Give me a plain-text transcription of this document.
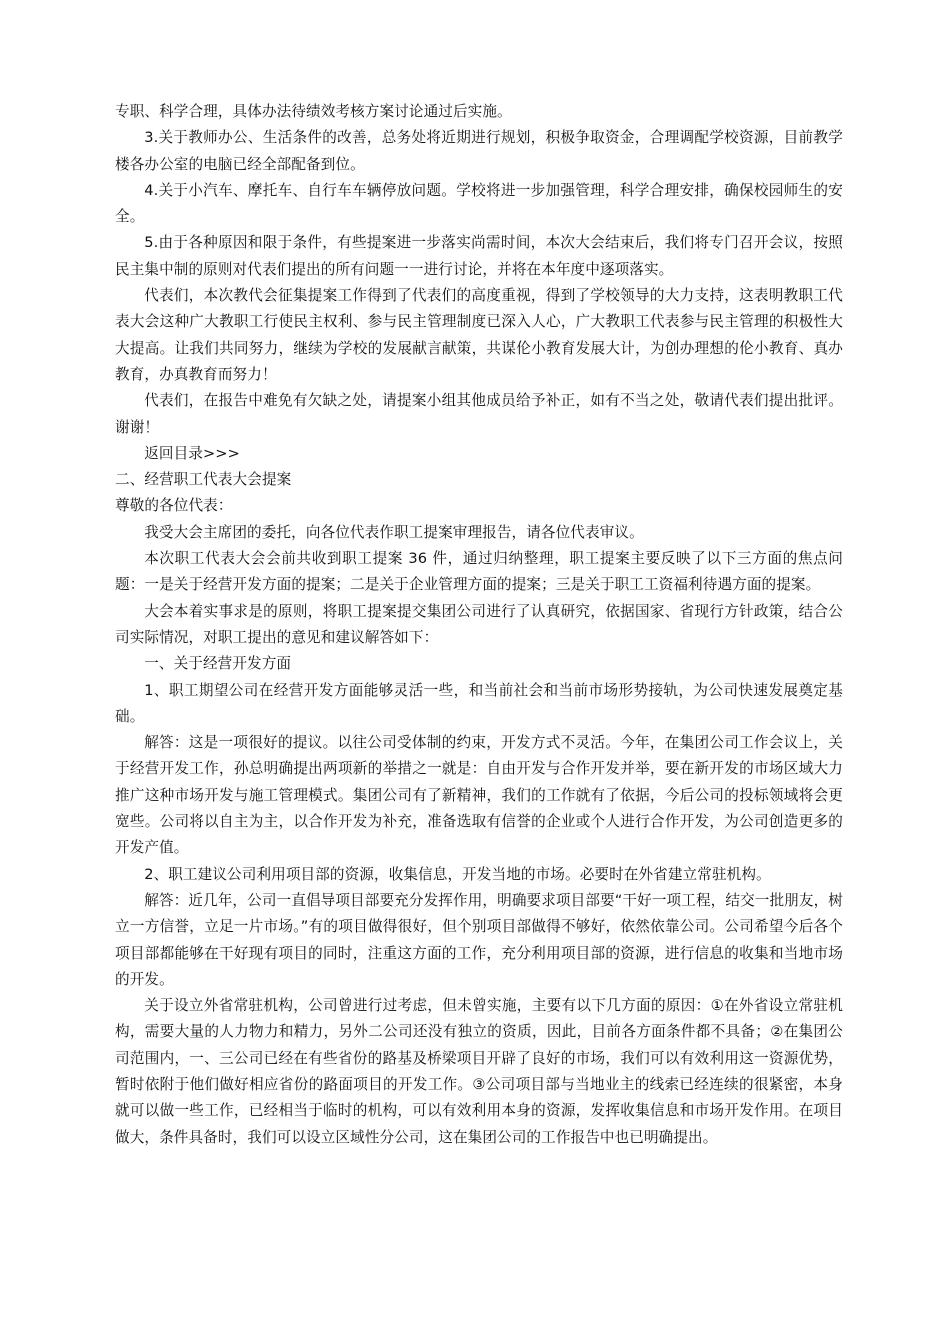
专职、科学合理，具体办法待绩效考核方案讨论通过后实施。

3.关于教师办公、生活条件的改善，总务处将近期进行规划，积极争取资金，合理调配学校资源，目前教学楼各办公室的电脑已经全部配备到位。

4.关于小汽车、摩托车、自行车车辆停放问题。学校将进一步加强管理，科学合理安排，确保校园师生的安全。

5.由于各种原因和限于条件，有些提案进一步落实尚需时间，本次大会结束后，我们将专门召开会议，按照民主集中制的原则对代表们提出的所有问题一一进行讨论，并将在本年度中逐项落实。

代表们，本次教代会征集提案工作得到了代表们的高度重视，得到了学校领导的大力支持，这表明教职工代表大会这种广大教职工行使民主权利、参与民主管理制度已深入人心，广大教职工代表参与民主管理的积极性大大提高。让我们共同努力，继续为学校的发展献言献策，共谋伦小教育发展大计，为创办理想的伦小教育、真办教育，办真教育而努力！

代表们，在报告中难免有欠缺之处，请提案小组其他成员给予补正，如有不当之处，敬请代表们提出批评。谢谢！

返回目录>>>

二、经营职工代表大会提案

尊敬的各位代表：

我受大会主席团的委托，向各位代表作职工提案审理报告，请各位代表审议。

本次职工代表大会会前共收到职工提案 36 件，通过归纳整理，职工提案主要反映了以下三方面的焦点问题：一是关于经营开发方面的提案；二是关于企业管理方面的提案；三是关于职工工资福利待遇方面的提案。

大会本着实事求是的原则，将职工提案提交集团公司进行了认真研究，依据国家、省现行方针政策，结合公司实际情况，对职工提出的意见和建议解答如下：

一、关于经营开发方面

1、职工期望公司在经营开发方面能够灵活一些，和当前社会和当前市场形势接轨，为公司快速发展奠定基础。

解答：这是一项很好的提议。以往公司受体制的约束，开发方式不灵活。今年，在集团公司工作会议上，关于经营开发工作，孙总明确提出两项新的举措之一就是：自由开发与合作开发并举，要在新开发的市场区域大力推广这种市场开发与施工管理模式。集团公司有了新精神，我们的工作就有了依据，今后公司的投标领域将会更宽些。公司将以自主为主，以合作开发为补充，准备选取有信誉的企业或个人进行合作开发，为公司创造更多的开发产值。

2、职工建议公司利用项目部的资源，收集信息，开发当地的市场。必要时在外省建立常驻机构。

解答：近几年，公司一直倡导项目部要充分发挥作用，明确要求项目部要“干好一项工程，结交一批朋友，树立一方信誉，立足一片市场。”有的项目做得很好，但个别项目部做得不够好，依然依靠公司。公司希望今后各个项目部都能够在干好现有项目的同时，注重这方面的工作，充分利用项目部的资源，进行信息的收集和当地市场的开发。

关于设立外省常驻机构，公司曾进行过考虑，但未曾实施，主要有以下几方面的原因：①在外省设立常驻机构，需要大量的人力物力和精力，另外二公司还没有独立的资质，因此，目前各方面条件都不具备；②在集团公司范围内，一、三公司已经在有些省份的路基及桥梁项目开辟了良好的市场，我们可以有效利用这一资源优势，暂时依附于他们做好相应省份的路面项目的开发工作。③公司项目部与当地业主的线索已经连续的很紧密，本身就可以做一些工作，已经相当于临时的机构，可以有效利用本身的资源，发挥收集信息和市场开发作用。在项目做大，条件具备时，我们可以设立区域性分公司，这在集团公司的工作报告中也已明确提出。
